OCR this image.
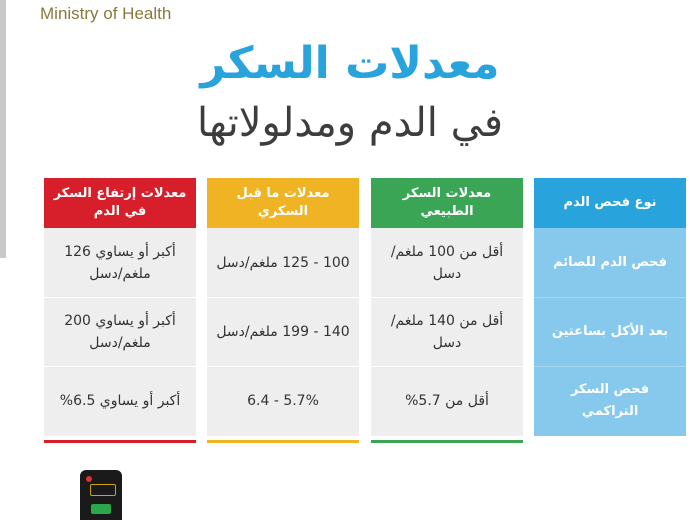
Ministry of Health
معدلات السكر
في الدم ومدلولاتها
معدلات إرتفاع السكر في الدم
أكبر أو يساوي 126 ملغم/دسل
أكبر أو يساوي 200 ملغم/دسل
أكبر أو يساوي 6.5%
معدلات ما قبل السكري
100 - 125 ملغم/دسل
140 - 199 ملغم/دسل
5.7% - 6.4
معدلات السكر الطبيعي
أقل من 100 ملغم/دسل
أقل من 140 ملغم/دسل
أقل من 5.7%
نوع فحص الدم
فحص الدم للصائم
بعد الأكل بساعتين
فحص السكر التراكمي
